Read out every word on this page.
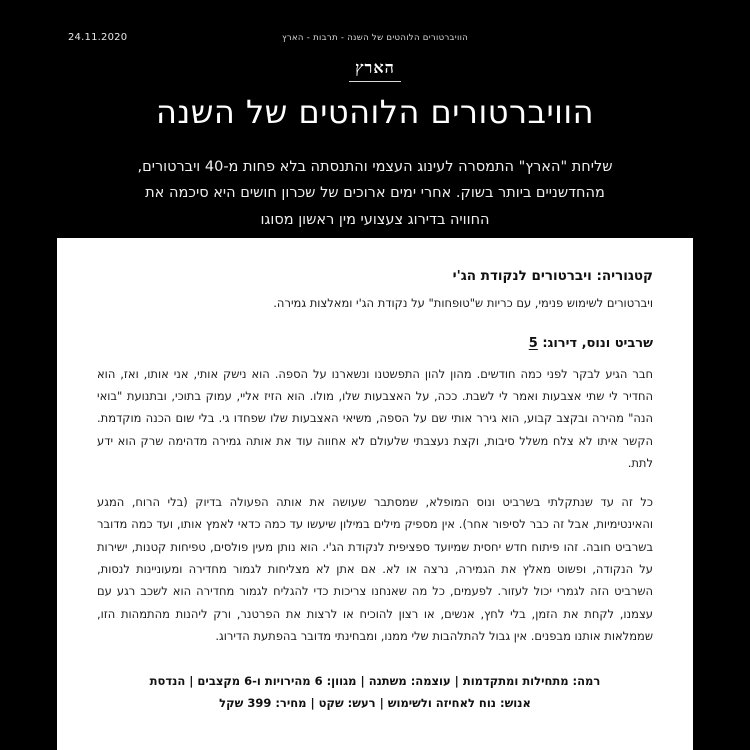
24.11.2020	הוויברטורים הלוהטים של השנה - תרבות - הארץ
הארץ
הוויברטורים הלוהטים של השנה
שליחת "הארץ" התמסרה לעינוג העצמי והתנסתה בלא פחות מ-40 ויברטורים, מהחדשניים ביותר בשוק. אחרי ימים ארוכים של שכרון חושים היא סיכמה את החוויה בדירוג צעצועי מין ראשון מסוגו
קטגוריה: ויברטורים לנקודת הג'י
ויברטורים לשימוש פנימי, עם כריות ש"טופחות" על נקודת הג'י ומאלצות גמירה.
שרביט ונוס, דירוג: 5

חבר הגיע לבקר לפני כמה חודשים. מהון להון התפשטנו ונשארנו על הספה. הוא נישק אותי, אני אותו, ואז, הוא החדיר לי שתי אצבעות ואמר לי לשבת. ככה, על האצבעות שלו, מולו. הוא הזיז אליי, עמוק בתוכי, ובתנועת "בואי הנה" מהירה ובקצב קבוע, הוא גירר אותי שם על הספה, משיאי האצבעות שלו שפחדו גי. בלי שום הכנה מוקדמת. הקשר איתו לא צלח משלל סיבות, וקצת נעצבתי שלעולם לא אחווה עוד את אותה גמירה מדהימה שרק הוא ידע לתת.

כל זה עד שנתקלתי בשרביט ונוס המופלא, שמסתבר שעושה את אותה הפעולה בדיוק (בלי הרוח, המגע והאינטימיות, אבל זה כבר לסיפור אחר). אין מספיק מילים במילון שיעשו עד כמה כדאי לאמץ אותו, ועד כמה מדובר בשרביט חובה. זהו פיתוח חדש יחסית שמיועד ספציפית לנקודת הג'י. הוא נותן מעין פולסים, טפיחות קטנות, ישירות על הנקודה, ופשוט מאלץ את הגמירה, נרצה או לא. אם אתן לא מצליחות לגמור מחדירה ומעוניינות לנסות, השרביט הזה לגמרי יכול לעזור. לפעמים, כל מה שאנחנו צריכות כדי להגליח לגמור מחדירה הוא לשכב רגע עם עצמנו, לקחת את הזמן, בלי לחץ, אנשים, או רצון להוכיח או לרצות את הפרטנר, ורק ליהנות מהתמהות הזו, שממלאות אותנו מבפנים. אין גבול להתלהבות שלי ממנו, ומבחינתי מדובר בהפתעת הדירוג.

רמה: מתחילות ומתקדמות | עוצמה: משתנה | מגוון: 6 מהירויות ו-6 מקצבים | הנדסת
אנוש: נוח לאחיזה ולשימוש | רעש: שקט | מחיר: 399 שקל
